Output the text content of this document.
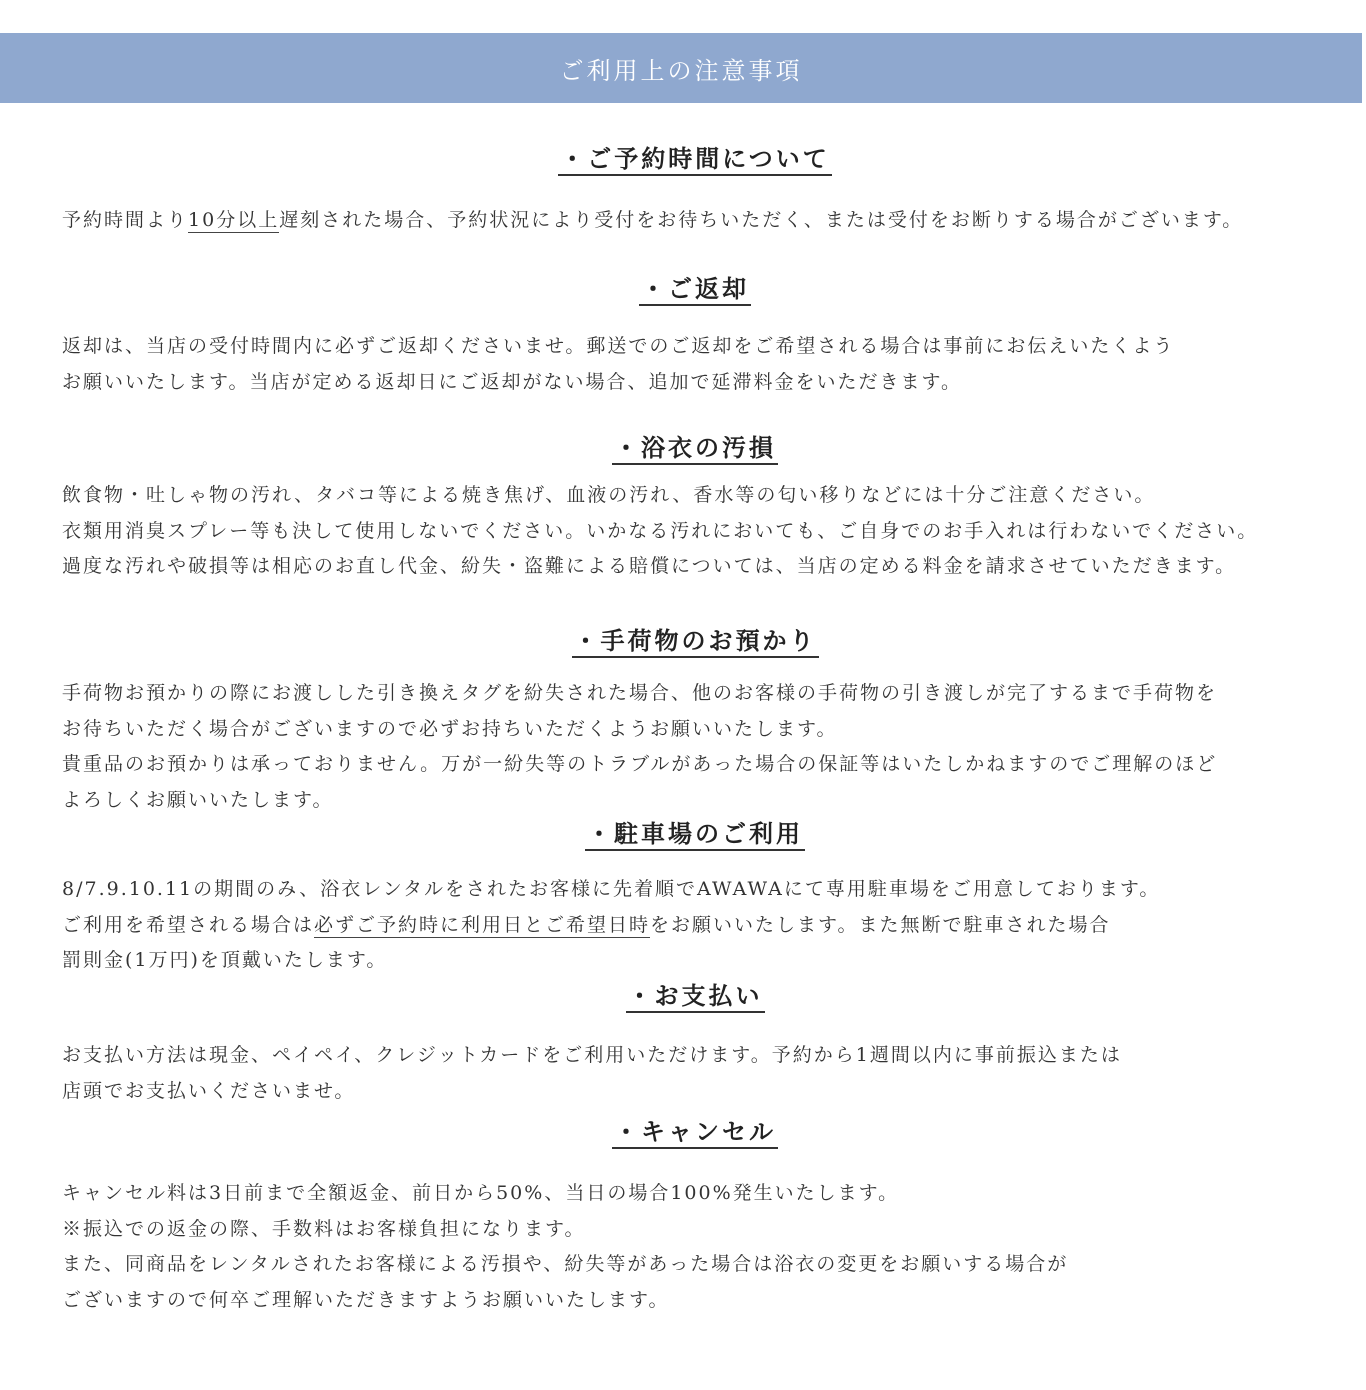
ご利用上の注意事項
・ご予約時間について
予約時間より10分以上遅刻された場合、予約状況により受付をお待ちいただく、または受付をお断りする場合がございます。
・ご返却
返却は、当店の受付時間内に必ずご返却くださいませ。郵送でのご返却をご希望される場合は事前にお伝えいたくよう
お願いいたします。当店が定める返却日にご返却がない場合、追加で延滞料金をいただきます。
・浴衣の汚損
飲食物・吐しゃ物の汚れ、タバコ等による焼き焦げ、血液の汚れ、香水等の匂い移りなどには十分ご注意ください。
衣類用消臭スプレー等も決して使用しないでください。いかなる汚れにおいても、ご自身でのお手入れは行わないでください。
過度な汚れや破損等は相応のお直し代金、紛失・盗難による賠償については、当店の定める料金を請求させていただきます。
・手荷物のお預かり
手荷物お預かりの際にお渡しした引き換えタグを紛失された場合、他のお客様の手荷物の引き渡しが完了するまで手荷物を
お待ちいただく場合がございますので必ずお持ちいただくようお願いいたします。
貴重品のお預かりは承っておりません。万が一紛失等のトラブルがあった場合の保証等はいたしかねますのでご理解のほど
よろしくお願いいたします。
・駐車場のご利用
8/7.9.10.11の期間のみ、浴衣レンタルをされたお客様に先着順でAWAWAにて専用駐車場をご用意しております。
ご利用を希望される場合は必ずご予約時に利用日とご希望日時をお願いいたします。また無断で駐車された場合
罰則金(1万円)を頂戴いたします。
・お支払い
お支払い方法は現金、ペイペイ、クレジットカードをご利用いただけます。予約から1週間以内に事前振込または
店頭でお支払いくださいませ。
・キャンセル
キャンセル料は3日前まで全額返金、前日から50%、当日の場合100%発生いたします。
※振込での返金の際、手数料はお客様負担になります。
また、同商品をレンタルされたお客様による汚損や、紛失等があった場合は浴衣の変更をお願いする場合が
ございますので何卒ご理解いただきますようお願いいたします。
